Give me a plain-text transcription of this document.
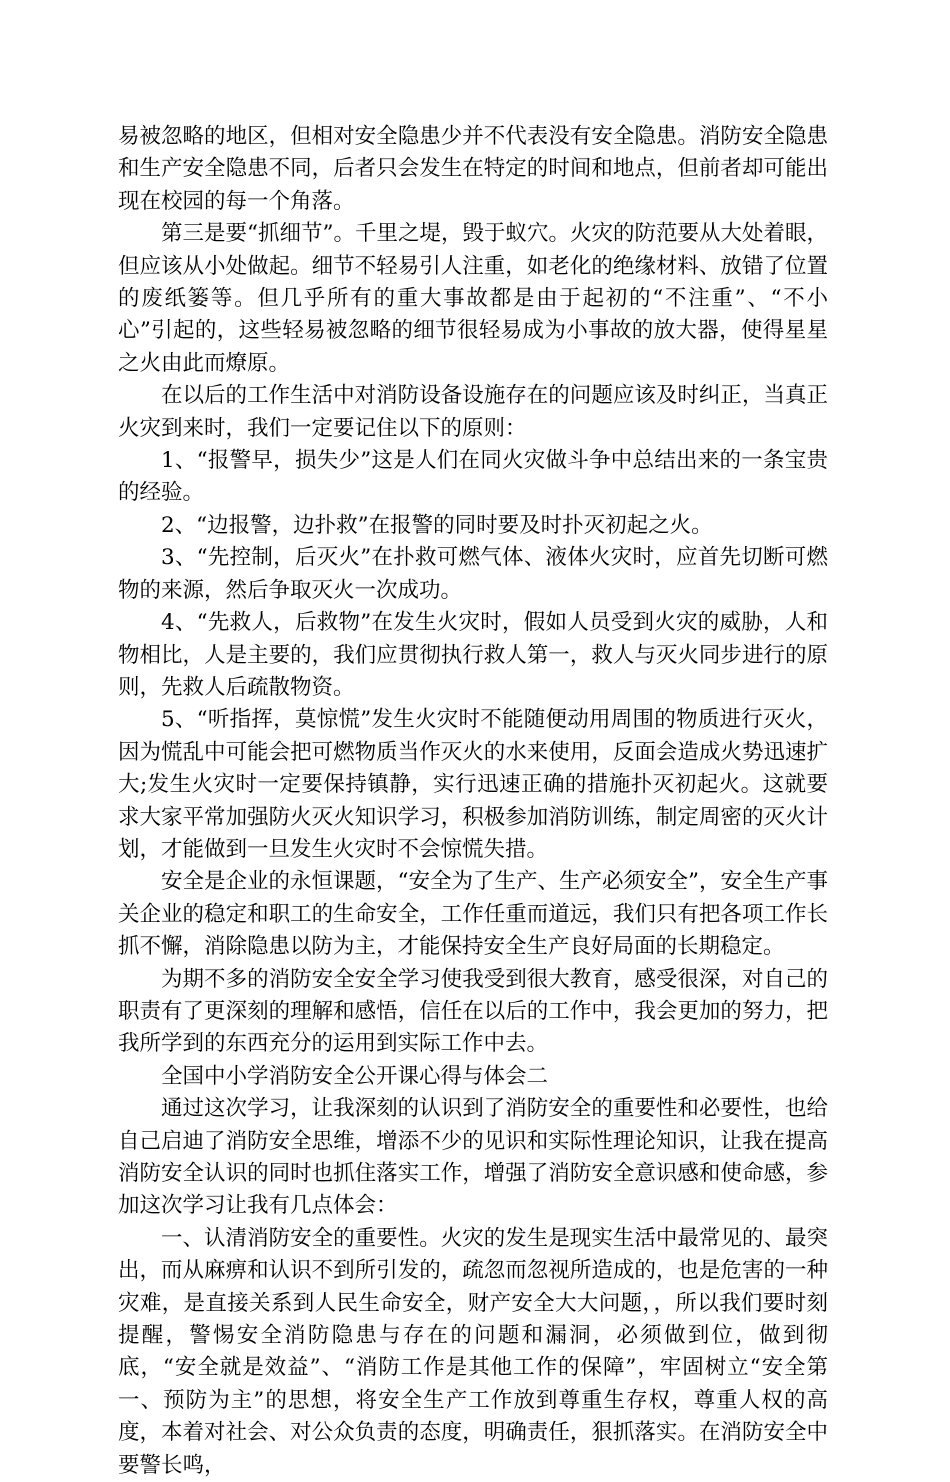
易被忽略的地区，但相对安全隐患少并不代表没有安全隐患。消防安全隐患和生产安全隐患不同，后者只会发生在特定的时间和地点，但前者却可能出现在校园的每一个角落。

第三是要“抓细节”。千里之堤，毁于蚁穴。火灾的防范要从大处着眼，但应该从小处做起。细节不轻易引人注重，如老化的绝缘材料、放错了位置的废纸篓等。但几乎所有的重大事故都是由于起初的“不注重”、“不小心”引起的，这些轻易被忽略的细节很轻易成为小事故的放大器，使得星星之火由此而燎原。

在以后的工作生活中对消防设备设施存在的问题应该及时纠正，当真正火灾到来时，我们一定要记住以下的原则：

1、“报警早，损失少”这是人们在同火灾做斗争中总结出来的一条宝贵的经验。

2、“边报警，边扑救”在报警的同时要及时扑灭初起之火。

3、“先控制，后灭火”在扑救可燃气体、液体火灾时，应首先切断可燃物的来源，然后争取灭火一次成功。

4、“先救人，后救物”在发生火灾时，假如人员受到火灾的威胁，人和物相比，人是主要的，我们应贯彻执行救人第一，救人与灭火同步进行的原则，先救人后疏散物资。

5、“听指挥，莫惊慌”发生火灾时不能随便动用周围的物质进行灭火，因为慌乱中可能会把可燃物质当作灭火的水来使用，反面会造成火势迅速扩大;发生火灾时一定要保持镇静，实行迅速正确的措施扑灭初起火。这就要求大家平常加强防火灭火知识学习，积极参加消防训练，制定周密的灭火计划，才能做到一旦发生火灾时不会惊慌失措。

安全是企业的永恒课题，“安全为了生产、生产必须安全”，安全生产事关企业的稳定和职工的生命安全，工作任重而道远，我们只有把各项工作长抓不懈，消除隐患以防为主，才能保持安全生产良好局面的长期稳定。

为期不多的消防安全安全学习使我受到很大教育，感受很深，对自己的职责有了更深刻的理解和感悟，信任在以后的工作中，我会更加的努力，把我所学到的东西充分的运用到实际工作中去。

全国中小学消防安全公开课心得与体会二

通过这次学习，让我深刻的认识到了消防安全的重要性和必要性，也给自己启迪了消防安全思维，增添不少的见识和实际性理论知识，让我在提高消防安全认识的同时也抓住落实工作，增强了消防安全意识感和使命感，参加这次学习让我有几点体会：

一、认清消防安全的重要性。火灾的发生是现实生活中最常见的、最突出，而从麻痹和认识不到所引发的，疏忽而忽视所造成的，也是危害的一种灾难，是直接关系到人民生命安全，财产安全大大问题，，所以我们要时刻提醒，警惕安全消防隐患与存在的问题和漏洞，必须做到位，做到彻底，“安全就是效益”、“消防工作是其他工作的保障”，牢固树立“安全第一、预防为主”的思想，将安全生产工作放到尊重生存权，尊重人权的高度，本着对社会、对公众负责的态度，明确责任，狠抓落实。在消防安全中要警长鸣，
